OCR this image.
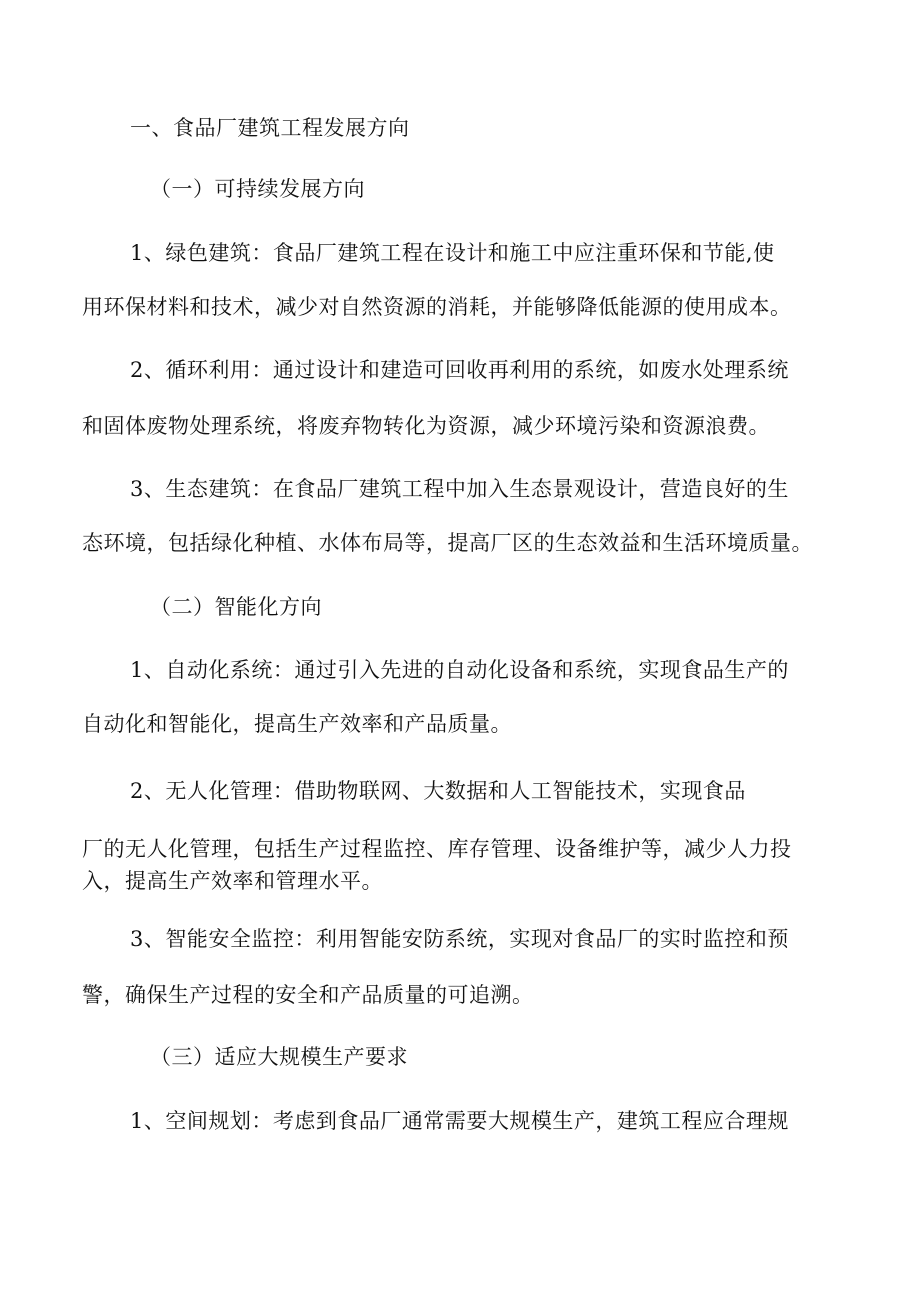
一、食品厂建筑工程发展方向
（一）可持续发展方向
1、绿色建筑：食品厂建筑工程在设计和施工中应注重环保和节能,使
用环保材料和技术，减少对自然资源的消耗，并能够降低能源的使用成本。
2、循环利用：通过设计和建造可回收再利用的系统，如废水处理系统
和固体废物处理系统，将废弃物转化为资源，减少环境污染和资源浪费。
3、生态建筑：在食品厂建筑工程中加入生态景观设计，营造良好的生
态环境，包括绿化种植、水体布局等，提高厂区的生态效益和生活环境质量。
（二）智能化方向
1、自动化系统：通过引入先进的自动化设备和系统，实现食品生产的
自动化和智能化，提高生产效率和产品质量。
2、无人化管理：借助物联网、大数据和人工智能技术，实现食品
厂的无人化管理，包括生产过程监控、库存管理、设备维护等，减少人力投
入，提高生产效率和管理水平。
3、智能安全监控：利用智能安防系统，实现对食品厂的实时监控和预
警，确保生产过程的安全和产品质量的可追溯。
（三）适应大规模生产要求
1、空间规划：考虑到食品厂通常需要大规模生产，建筑工程应合理规
